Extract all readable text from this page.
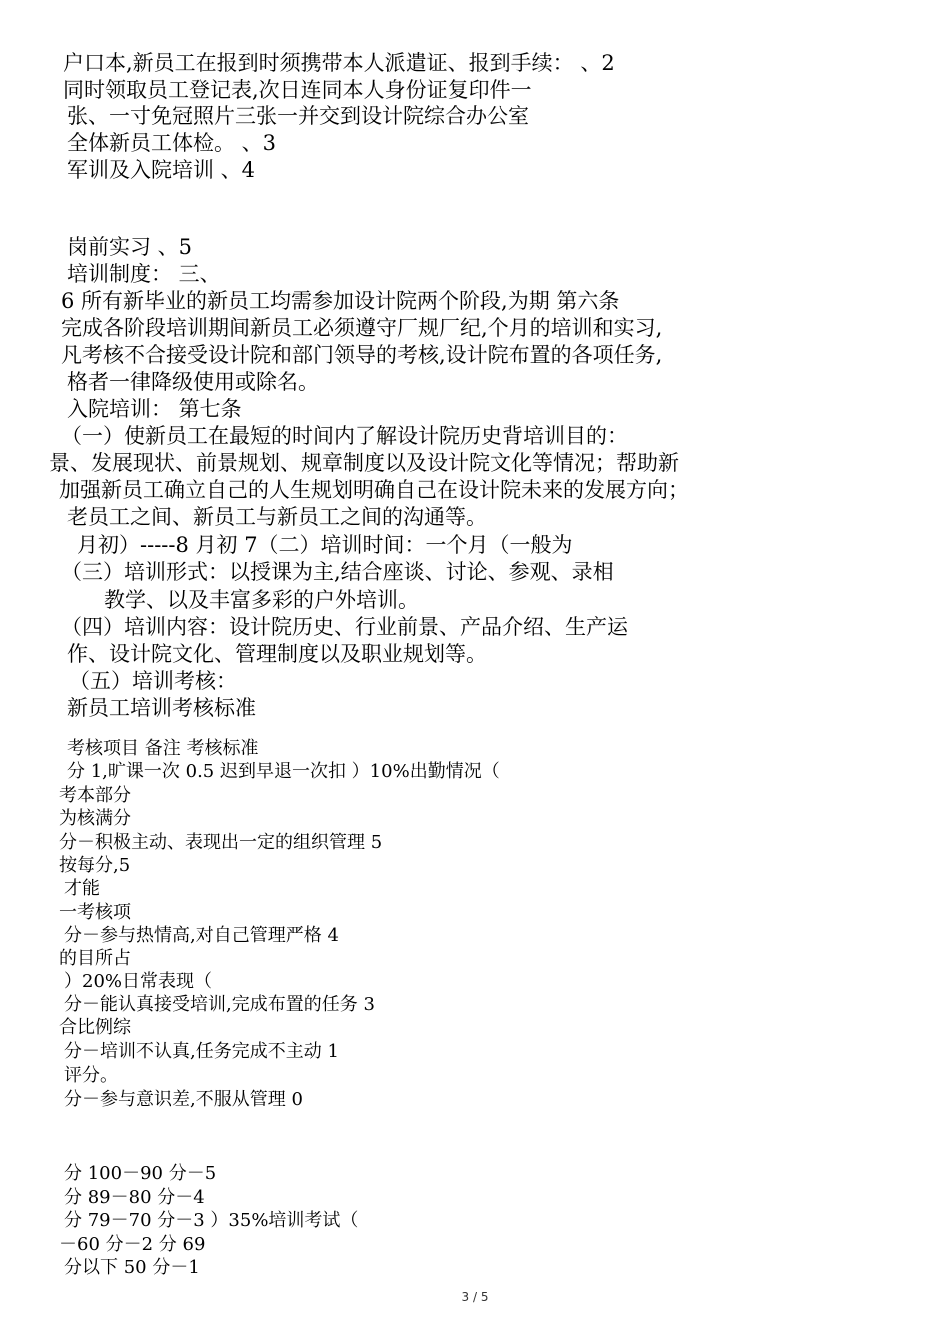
户口本,新员工在报到时须携带本人派遣证、报到手续： 、2
同时领取员工登记表,次日连同本人身份证复印件一
张、一寸免冠照片三张一并交到设计院综合办公室
全体新员工体检。 、3
军训及入院培训 、4
岗前实习 、5
培训制度： 三、
6 所有新毕业的新员工均需参加设计院两个阶段,为期 第六条
完成各阶段培训期间新员工必须遵守厂规厂纪,个月的培训和实习,
凡考核不合接受设计院和部门领导的考核,设计院布置的各项任务,
格者一律降级使用或除名。
入院培训： 第七条
（一）使新员工在最短的时间内了解设计院历史背培训目的：
景、发展现状、前景规划、规章制度以及设计院文化等情况；帮助新
加强新员工确立自己的人生规划明确自己在设计院未来的发展方向；
老员工之间、新员工与新员工之间的沟通等。
月初）-----8 月初 7（二）培训时间：一个月（一般为
（三）培训形式：以授课为主,结合座谈、讨论、参观、录相
教学、以及丰富多彩的户外培训。
（四）培训内容：设计院历史、行业前景、产品介绍、生产运
作、设计院文化、管理制度以及职业规划等。
（五）培训考核：
新员工培训考核标准
考核项目 备注 考核标准
分 1,旷课一次 0.5 迟到早退一次扣 ）10%出勤情况（
考本部分
为核满分
分－积极主动、表现出一定的组织管理 5
按每分,5
才能
一考核项
分－参与热情高,对自己管理严格 4
的目所占
）20%日常表现（
分－能认真接受培训,完成布置的任务 3
合比例综
分－培训不认真,任务完成不主动 1
评分。
分－参与意识差,不服从管理 0
分 100－90 分－5
分 89－80 分－4
分 79－70 分－3 ）35%培训考试（
－60 分－2 分 69
分以下 50 分－1
3 / 5
